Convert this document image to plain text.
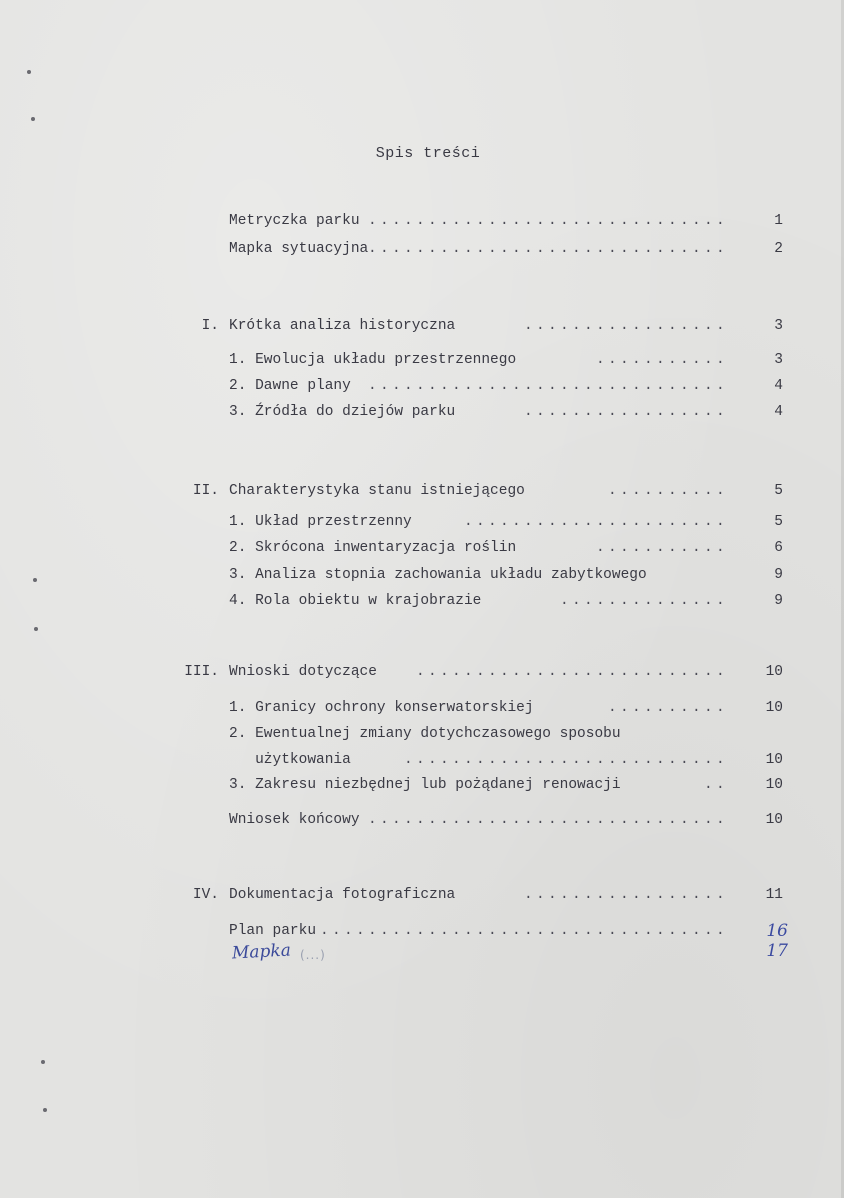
Spis treści
Metryczka parku ..............................	1
Mapka sytuacyjna ..............................	2
I. Krótka analiza historyczna	.................	3
1. Ewolucja układu przestrzennego	...........	3
2. Dawne plany ..............................	4
3. Źródła do dziejów parku	.................	4
II. Charakterystyka stanu istniejącego	..........	5
1. Układ przestrzenny	......................	5
2. Skrócona inwentaryzacja roślin	...........	6
3. Analiza stopnia zachowania układu zabytkowego	9
4. Rola obiektu w krajobrazie	..............	9
III. Wnioski dotyczące	..........................	10
1. Granicy ochrony konserwatorskiej	..........	10
2. Ewentualnej zmiany dotychczasowego sposobu
użytkowania	...........................	10
3. Zakresu niezbędnej lub pożądanej renowacji	..	10
Wniosek końcowy ..............................	10
IV. Dokumentacja fotograficzna	.................	11
Plan parku ..................................	16
17
Mapka (...)
